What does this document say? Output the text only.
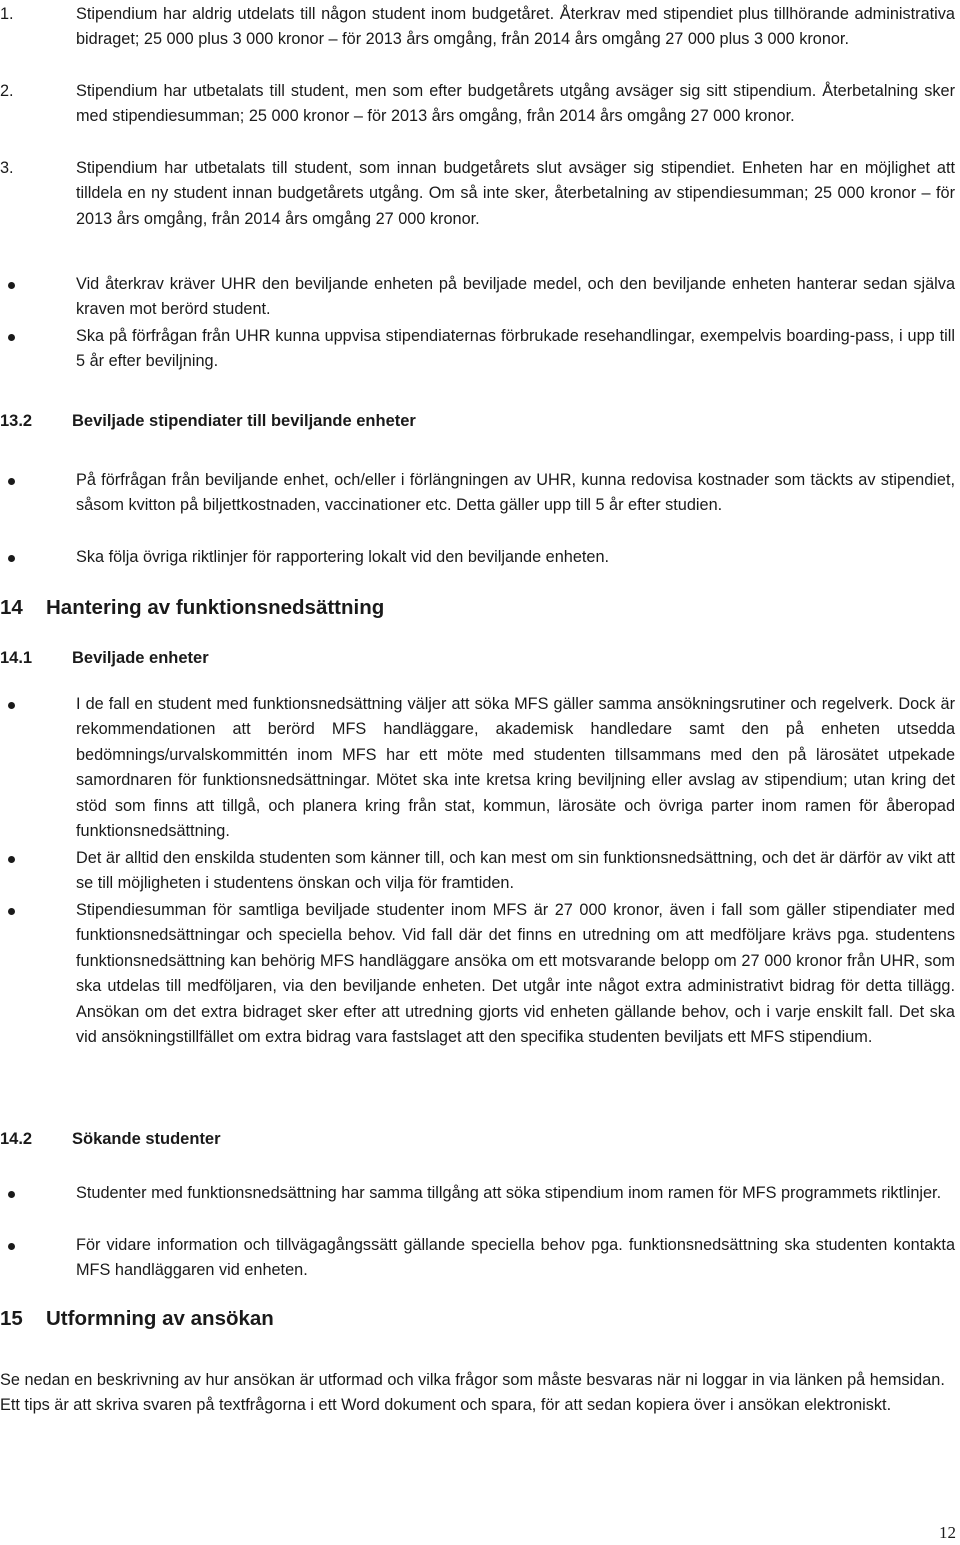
1.	Stipendium har aldrig utdelats till någon student inom budgetåret. Återkrav med stipendiet plus tillhörande administrativa bidraget; 25 000 plus 3 000 kronor – för 2013 års omgång, från 2014 års omgång 27 000 plus 3 000 kronor.
2.	Stipendium har utbetalats till student, men som efter budgetårets utgång avsäger sig sitt stipendium. Återbetalning sker med stipendiesumman; 25 000 kronor – för 2013 års omgång, från 2014 års omgång 27 000 kronor.
3.	Stipendium har utbetalats till student, som innan budgetårets slut avsäger sig stipendiet. Enheten har en möjlighet att tilldela en ny student innan budgetårets utgång. Om så inte sker, återbetalning av stipendiesumman; 25 000 kronor – för 2013 års omgång, från 2014 års omgång 27 000 kronor.
Vid återkrav kräver UHR den beviljande enheten på beviljade medel, och den beviljande enheten hanterar sedan själva kraven mot berörd student.
Ska på förfrågan från UHR kunna uppvisa stipendiaternas förbrukade resehandlingar, exempelvis boarding-pass, i upp till 5 år efter beviljning.
13.2 Beviljade stipendiater till beviljande enheter
På förfrågan från beviljande enhet, och/eller i förlängningen av UHR, kunna redovisa kostnader som täckts av stipendiet, såsom kvitton på biljettkostnaden, vaccinationer etc. Detta gäller upp till 5 år efter studien.
Ska följa övriga riktlinjer för rapportering lokalt vid den beviljande enheten.
14 Hantering av funktionsnedsättning
14.1 Beviljade enheter
I de fall en student med funktionsnedsättning väljer att söka MFS gäller samma ansökningsrutiner och regelverk. Dock är rekommendationen att berörd MFS handläggare, akademisk handledare samt den på enheten utsedda bedömnings/urvalskommittén inom MFS har ett möte med studenten tillsammans med den på lärosätet utpekade samordnaren för funktionsnedsättningar. Mötet ska inte kretsa kring beviljning eller avslag av stipendium; utan kring det stöd som finns att tillgå, och planera kring från stat, kommun, lärosäte och övriga parter inom ramen för åberopad funktionsnedsättning.
Det är alltid den enskilda studenten som känner till, och kan mest om sin funktionsnedsättning, och det är därför av vikt att se till möjligheten i studentens önskan och vilja för framtiden.
Stipendiesumman för samtliga beviljade studenter inom MFS är 27 000 kronor, även i fall som gäller stipendiater med funktionsnedsättningar och speciella behov. Vid fall där det finns en utredning om att medföljare krävs pga. studentens funktionsnedsättning kan behörig MFS handläggare ansöka om ett motsvarande belopp om 27 000 kronor från UHR, som ska utdelas till medföljaren, via den beviljande enheten. Det utgår inte något extra administrativt bidrag för detta tillägg. Ansökan om det extra bidraget sker efter att utredning gjorts vid enheten gällande behov, och i varje enskilt fall. Det ska vid ansökningstillfället om extra bidrag vara fastslaget att den specifika studenten beviljats ett MFS stipendium.
14.2 Sökande studenter
Studenter med funktionsnedsättning har samma tillgång att söka stipendium inom ramen för MFS programmets riktlinjer.
För vidare information och tillvägagångssätt gällande speciella behov pga. funktionsnedsättning ska studenten kontakta MFS handläggaren vid enheten.
15 Utformning av ansökan
Se nedan en beskrivning av hur ansökan är utformad och vilka frågor som måste besvaras när ni loggar in via länken på hemsidan. Ett tips är att skriva svaren på textfrågorna i ett Word dokument och spara, för att sedan kopiera över i ansökan elektroniskt.
12
